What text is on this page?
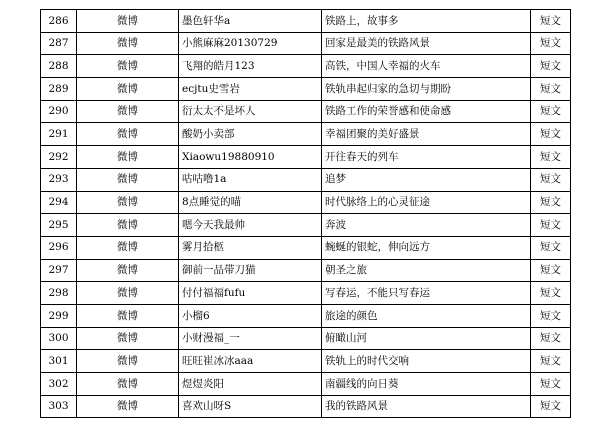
286	微博	墨色轩华a	铁路上，故事多	短文
287	微博	小熊麻麻20130729	回家是最美的铁路风景	短文
288	微博	飞翔的皓月123	高铁，中国人幸福的火车	短文
289	微博	ecjtu史雪岩	铁轨串起归家的急切与期盼	短文
290	微博	衍太太不是坏人	铁路工作的荣誉感和使命感	短文
291	微博	酸奶小卖部	幸福团聚的美好盛景	短文
292	微博	Xiaowu19880910	开往春天的列车	短文
293	微博	咕咕噜1a	追梦	短文
294	微博	8点睡觉的喵	时代脉络上的心灵征途	短文
295	微博	嗯今天我最帅	奔波	短文
296	微博	雾月拾柩	蜿蜒的银蛇，伸向远方	短文
297	微博	御前一品带刀猫	朝圣之旅	短文
298	微博	付付福福fufu	写春运，不能只写春运	短文
299	微博	小榴6	旅途的颜色	短文
300	微博	小财漫福_一	俯瞰山河	短文
301	微博	旺旺崔冰冰aaa	铁轨上的时代交响	短文
302	微博	煜煜炎阳	南疆线的向日葵	短文
303	微博	喜欢山呀S	我的铁路风景	短文
